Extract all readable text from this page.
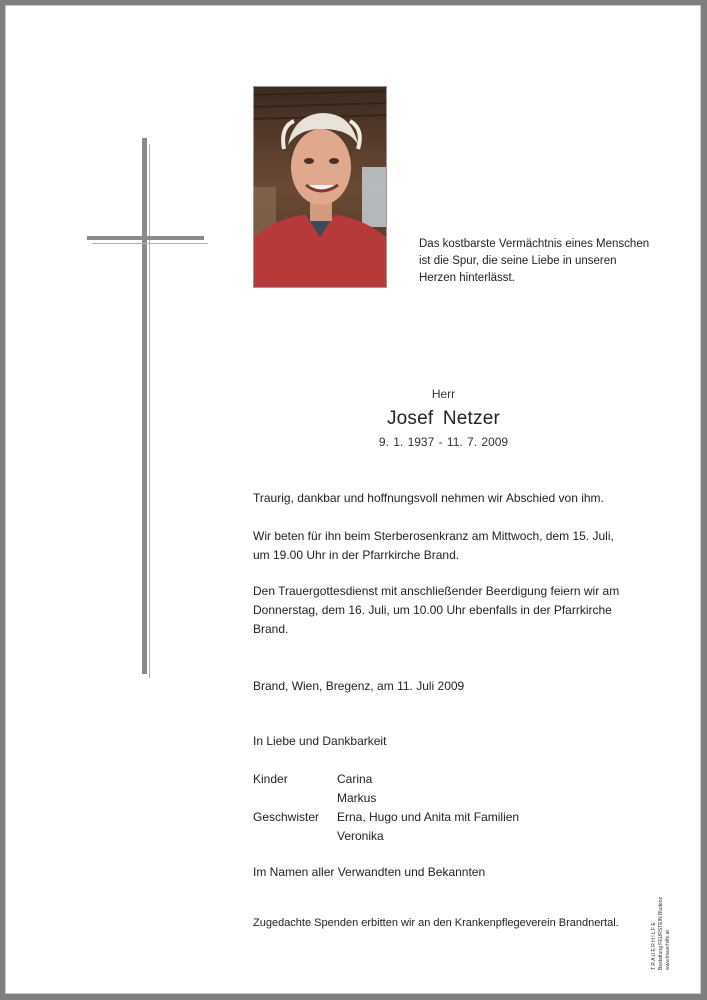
Das kostbarste Vermächtnis eines Menschen
ist die Spur, die seine Liebe in unseren
Herzen hinterlässt.
Herr
Josef Netzer
9. 1. 1937 - 11. 7. 2009
Traurig, dankbar und hoffnungsvoll nehmen wir Abschied von ihm.
Wir beten für ihn beim Sterberosenkranz am Mittwoch, dem 15. Juli,
um 19.00 Uhr in der Pfarrkirche Brand.
Den Trauergottesdienst mit anschließender Beerdigung feiern wir am
Donnerstag, dem 16. Juli, um 10.00 Uhr ebenfalls in der Pfarrkirche
Brand.
Brand, Wien, Bregenz, am 11. Juli 2009
In Liebe und Dankbarkeit
Kinder	Carina
Markus
Geschwister Erna, Hugo und Anita mit Familien
Veronika
Im Namen aller Verwandten und Bekannten
Zugedachte Spenden erbitten wir an den Krankenpflegeverein Brandnertal.	T R A U E R H I L F E Bestattung FEURSTEIN Bludenz www.trauerhilfe.at
